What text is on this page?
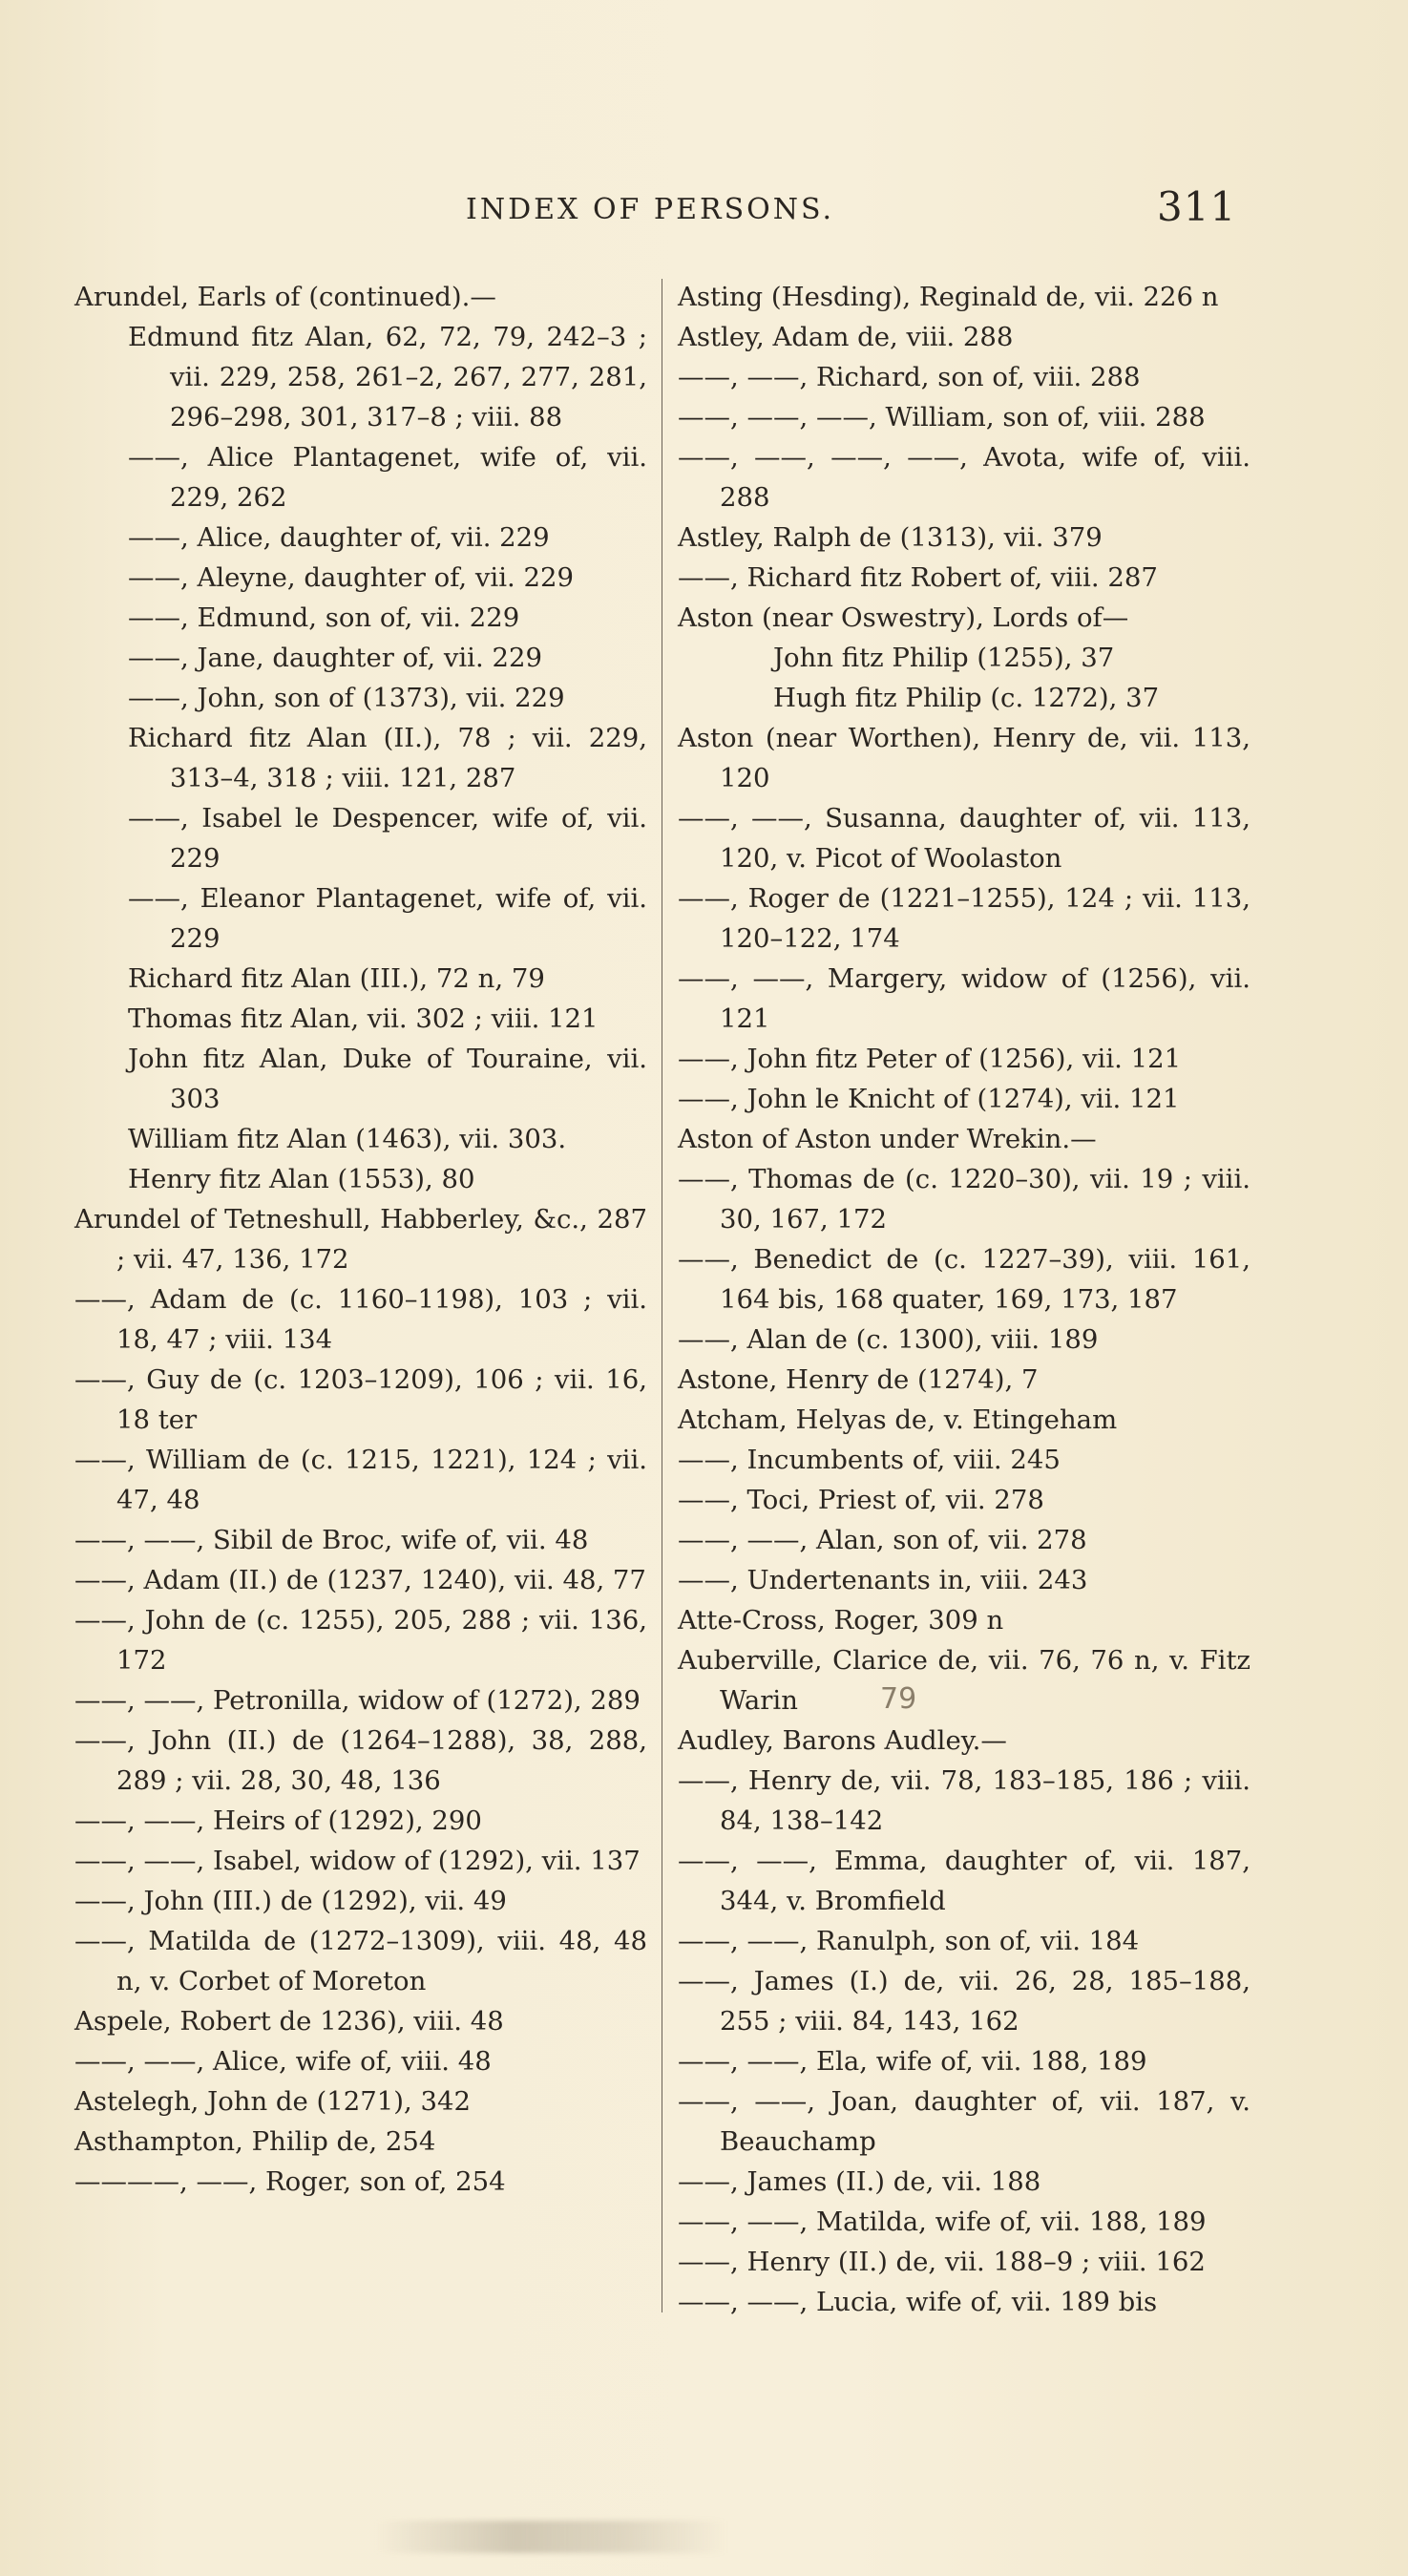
INDEX OF PERSONS.	311

Arundel, Earls of (continued).—

Edmund fitz Alan, 62, 72, 79, 242–3 ; vii. 229, 258, 261–2, 267, 277, 281, 296–298, 301, 317–8 ; viii. 88

——, Alice Plantagenet, wife of, vii. 229, 262

——, Alice, daughter of, vii. 229

——, Aleyne, daughter of, vii. 229

——, Edmund, son of, vii. 229

——, Jane, daughter of, vii. 229

——, John, son of (1373), vii. 229

Richard fitz Alan (II.), 78 ; vii. 229, 313–4, 318 ; viii. 121, 287

——, Isabel le Despencer, wife of, vii. 229

——, Eleanor Plantagenet, wife of, vii. 229

Richard fitz Alan (III.), 72 n, 79

Thomas fitz Alan, vii. 302 ; viii. 121

John fitz Alan, Duke of Touraine, vii. 303

William fitz Alan (1463), vii. 303.

Henry fitz Alan (1553), 80

Arundel of Tetneshull, Habberley, &c., 287 ; vii. 47, 136, 172

——, Adam de (c. 1160–1198), 103 ; vii. 18, 47 ; viii. 134

——, Guy de (c. 1203–1209), 106 ; vii. 16, 18 ter

——, William de (c. 1215, 1221), 124 ; vii. 47, 48

——, ——, Sibil de Broc, wife of, vii. 48

——, Adam (II.) de (1237, 1240), vii. 48, 77

——, John de (c. 1255), 205, 288 ; vii. 136, 172

——, ——, Petronilla, widow of (1272), 289

——, John (II.) de (1264–1288), 38, 288, 289 ; vii. 28, 30, 48, 136

——, ——, Heirs of (1292), 290

——, ——, Isabel, widow of (1292), vii. 137

——, John (III.) de (1292), vii. 49

——, Matilda de (1272–1309), viii. 48, 48 n, v. Corbet of Moreton

Aspele, Robert de 1236), viii. 48

——, ——, Alice, wife of, viii. 48

Astelegh, John de (1271), 342

Asthampton, Philip de, 254

————, ——, Roger, son of, 254

Asting (Hesding), Reginald de, vii. 226 n

Astley, Adam de, viii. 288

——, ——, Richard, son of, viii. 288

——, ——, ——, William, son of, viii. 288

——, ——, ——, ——, Avota, wife of, viii. 288

Astley, Ralph de (1313), vii. 379

——, Richard fitz Robert of, viii. 287

Aston (near Oswestry), Lords of—

John fitz Philip (1255), 37

Hugh fitz Philip (c. 1272), 37

Aston (near Worthen), Henry de, vii. 113, 120

——, ——, Susanna, daughter of, vii. 113, 120, v. Picot of Woolaston

——, Roger de (1221–1255), 124 ; vii. 113, 120–122, 174

——, ——, Margery, widow of (1256), vii. 121

——, John fitz Peter of (1256), vii. 121

——, John le Knicht of (1274), vii. 121

Aston of Aston under Wrekin.—

——, Thomas de (c. 1220–30), vii. 19 ; viii. 30, 167, 172

——, Benedict de (c. 1227–39), viii. 161, 164 bis, 168 quater, 169, 173, 187

——, Alan de (c. 1300), viii. 189

Astone, Henry de (1274), 7

Atcham, Helyas de, v. Etingeham

——, Incumbents of, viii. 245

——, Toci, Priest of, vii. 278

——, ——, Alan, son of, vii. 278

——, Undertenants in, viii. 243

Atte-Cross, Roger, 309 n

Auberville, Clarice de, vii. 76, 76 n, v. Fitz Warin

Audley, Barons Audley.—

——, Henry de, vii. 78, 183–185, 186 ; viii. 84, 138–142

——, ——, Emma, daughter of, vii. 187, 344, v. Bromfield

——, ——, Ranulph, son of, vii. 184

——, James (I.) de, vii. 26, 28, 185–188, 255 ; viii. 84, 143, 162

——, ——, Ela, wife of, vii. 188, 189

——, ——, Joan, daughter of, vii. 187, v. Beauchamp

——, James (II.) de, vii. 188

——, ——, Matilda, wife of, vii. 188, 189

——, Henry (II.) de, vii. 188–9 ; viii. 162

——, ——, Lucia, wife of, vii. 189 bis

79
